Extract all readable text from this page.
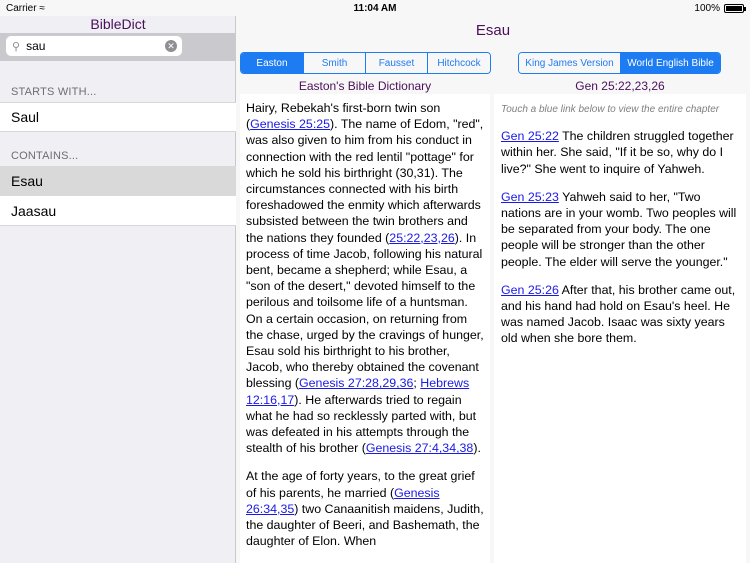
BibleDict
⚲ sau	✕
STARTS WITH...
Saul
CONTAINS...
Esau
Jaasau
Esau
Easton	Smith	Fausset	Hitchcock	King James Version	World English Bible
Easton's Bible Dictionary	Gen 25:22,23,26

Hairy, Rebekah's first-born twin son (Genesis 25:25). The name of Edom, "red", was also given to him from his conduct in connection with the red lentil "pottage" for which he sold his birthright (30,31). The circumstances connected with his birth foreshadowed the enmity which afterwards subsisted between the twin brothers and the nations they founded (25:22,23,26). In process of time Jacob, following his natural bent, became a shepherd; while Esau, a "son of the desert," devoted himself to the perilous and toilsome life of a huntsman. On a certain occasion, on returning from the chase, urged by the cravings of hunger, Esau sold his birthright to his brother, Jacob, who thereby obtained the covenant blessing (Genesis 27:28,29,36; Hebrews 12:16,17). He afterwards tried to regain what he had so recklessly parted with, but was defeated in his attempts through the stealth of his brother (Genesis 27:4,34,38).

At the age of forty years, to the great grief of his parents, he married (Genesis 26:34,35) two Canaanitish maidens, Judith, the daughter of Beeri, and Bashemath, the daughter of Elon. When

Touch a blue link below to view the entire chapter

Gen 25:22 The children struggled together within her. She said, "If it be so, why do I live?" She went to inquire of Yahweh.

Gen 25:23 Yahweh said to her, "Two nations are in your womb. Two peoples will be separated from your body. The one people will be stronger than the other people. The elder will serve the younger."

Gen 25:26 After that, his brother came out, and his hand had hold on Esau's heel. He was named Jacob. Isaac was sixty years old when she bore them.

Carrier ≈	11:04 AM	100%
